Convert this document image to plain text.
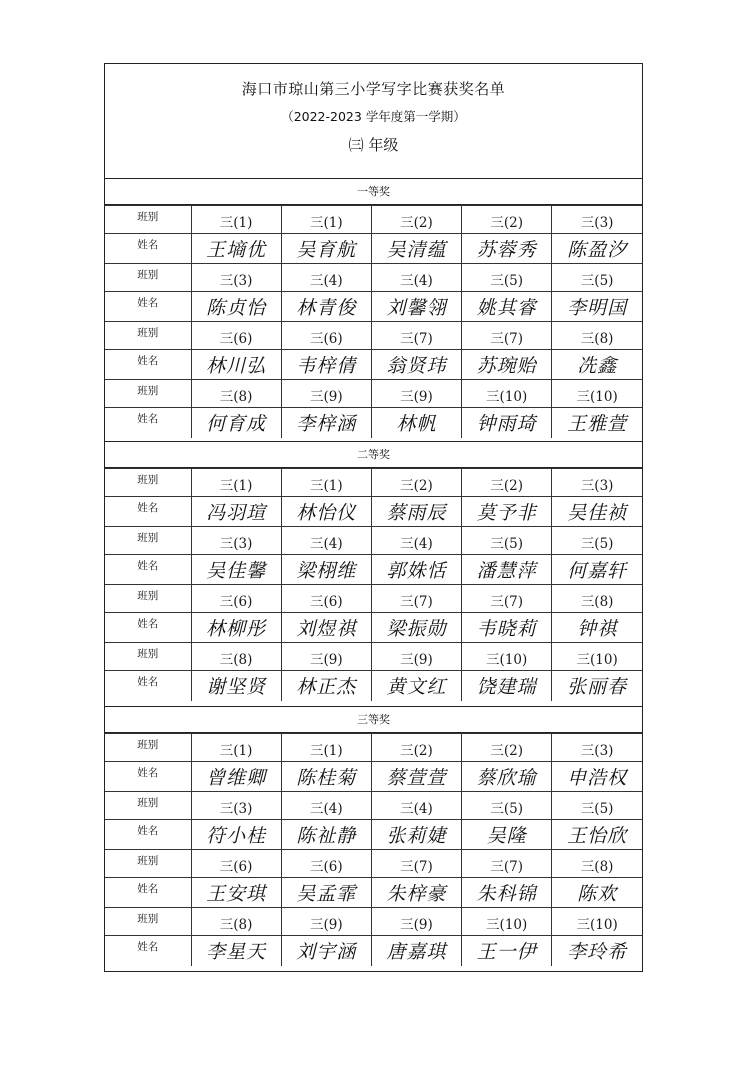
海口市琼山第三小学写字比赛获奖名单
（2022-2023 学年度第一学期）
㈢ 年级
一等奖
班别	三(1)	三(1)	三(2)	三(2)	三(3)
姓名	王墒优	吴育航	吴清蕴	苏蓉秀	陈盈汐
班别	三(3)	三(4)	三(4)	三(5)	三(5)
姓名	陈贞怡	林青俊	刘馨翎	姚其睿	李明国
班别	三(6)	三(6)	三(7)	三(7)	三(8)
姓名	林川弘	韦梓倩	翁贤玮	苏琬贻	冼鑫
班别	三(8)	三(9)	三(9)	三(10)	三(10)
姓名	何育成	李梓涵	林帆	钟雨琦	王雅萱
二等奖
班别	三(1)	三(1)	三(2)	三(2)	三(3)
姓名	冯羽瑄	林怡仪	蔡雨辰	莫予非	吴佳祯
班别	三(3)	三(4)	三(4)	三(5)	三(5)
姓名	吴佳馨	梁栩维	郭姝恬	潘慧萍	何嘉轩
班别	三(6)	三(6)	三(7)	三(7)	三(8)
姓名	林柳彤	刘煜祺	梁振勋	韦晓莉	钟祺
班别	三(8)	三(9)	三(9)	三(10)	三(10)
姓名	谢坚贤	林正杰	黄文红	饶建瑞	张丽春
三等奖
班别	三(1)	三(1)	三(2)	三(2)	三(3)
姓名	曾维卿	陈桂菊	蔡萱萱	蔡欣瑜	申浩权
班别	三(3)	三(4)	三(4)	三(5)	三(5)
姓名	符小桂	陈祉静	张莉婕	吴隆	王怡欣
班别	三(6)	三(6)	三(7)	三(7)	三(8)
姓名	王安琪	吴孟霏	朱梓豪	朱科锦	陈欢
班别	三(8)	三(9)	三(9)	三(10)	三(10)
姓名	李星天	刘宇涵	唐嘉琪	王一伊	李玲希
